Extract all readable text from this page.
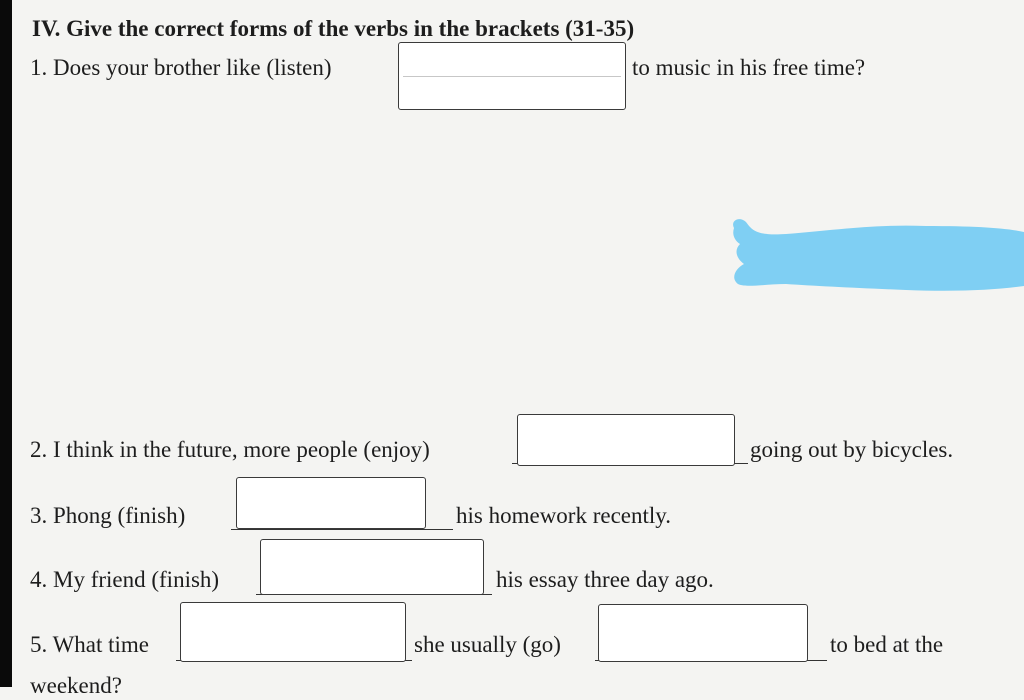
IV. Give the correct forms of the verbs in the brackets (31-35)
1. Does your brother like (listen)	to music in his free time?
2. I think in the future, more people (enjoy)	going out by bicycles.
3. Phong (finish)	his homework recently.
4. My friend (finish)	his essay three day ago.
5. What time	she usually (go)	to bed at the
weekend?
